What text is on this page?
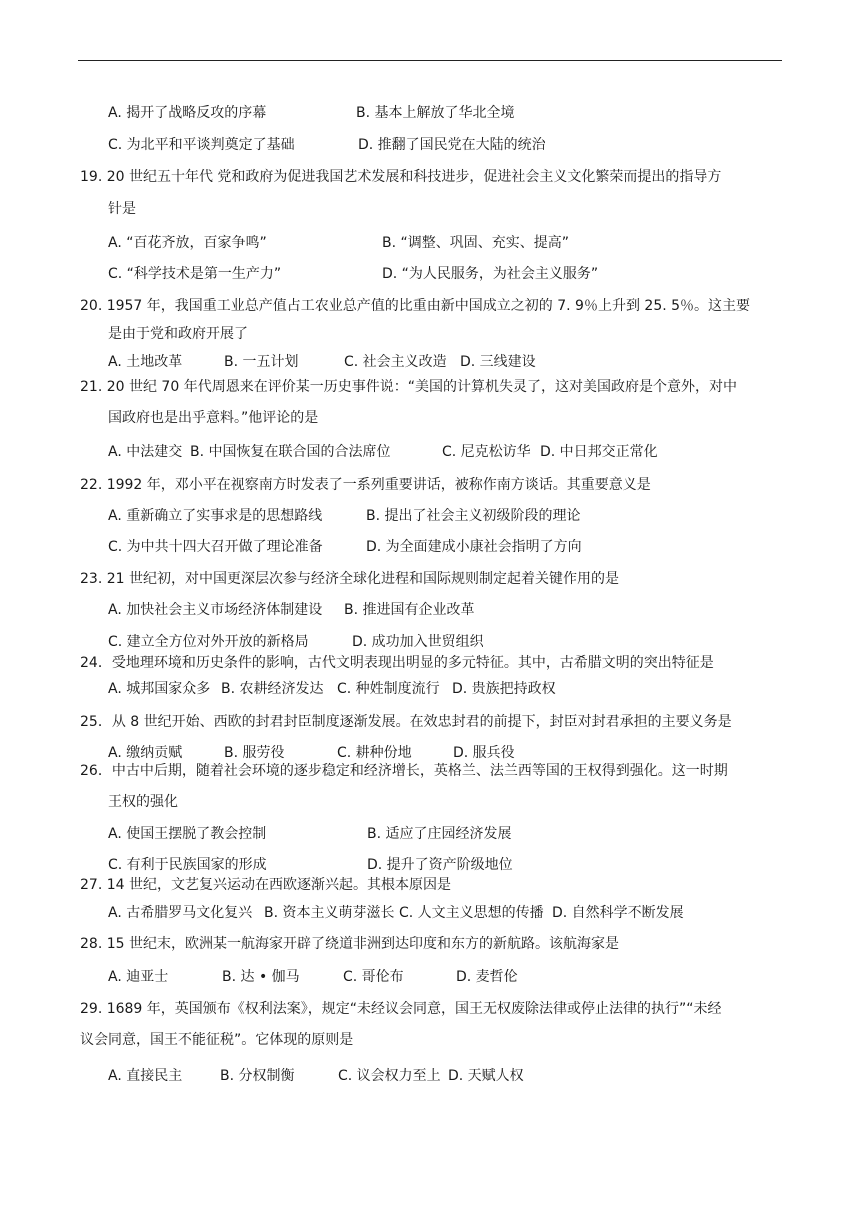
A. 揭开了战略反攻的序幕	B. 基本上解放了华北全境
C. 为北平和平谈判奠定了基础	D. 推翻了国民党在大陆的统治
19. 20 世纪五十年代 党和政府为促进我国艺术发展和科技进步，促进社会主义文化繁荣而提出的指导方
针是
A. “百花齐放，百家争鸣”	B. “调整、巩固、充实、提高”
C. “科学技术是第一生产力”	D. “为人民服务，为社会主义服务”
20. 1957 年，我国重工业总产值占工农业总产值的比重由新中国成立之初的 7. 9％上升到 25. 5％。这主要
是由于党和政府开展了
A. 土地改革	B. 一五计划	C. 社会主义改造 D. 三线建设
21. 20 世纪 70 年代周恩来在评价某一历史事件说：“美国的计算机失灵了，这对美国政府是个意外，对中
国政府也是出乎意料。”他评论的是
A. 中法建交 B. 中国恢复在联合国的合法席位	C. 尼克松访华 D. 中日邦交正常化
22. 1992 年，邓小平在视察南方时发表了一系列重要讲话，被称作南方谈话。其重要意义是
A. 重新确立了实事求是的思想路线	B. 提出了社会主义初级阶段的理论
C. 为中共十四大召开做了理论准备	D. 为全面建成小康社会指明了方向
23. 21 世纪初，对中国更深层次参与经济全球化进程和国际规则制定起着关键作用的是
A. 加快社会主义市场经济体制建设 B. 推进国有企业改革
C. 建立全方位对外开放的新格局	D. 成功加入世贸组织
24．受地理环境和历史条件的影响，古代文明表现出明显的多元特征。其中，古希腊文明的突出特征是
A. 城邦国家众多 B. 农耕经济发达 C. 种姓制度流行 D. 贵族把持政权
25．从 8 世纪开始、西欧的封君封臣制度逐渐发展。在效忠封君的前提下，封臣对封君承担的主要义务是
A. 缴纳贡赋	B. 服劳役	C. 耕种份地	D. 服兵役
26．中古中后期，随着社会环境的逐步稳定和经济增长，英格兰、法兰西等国的王权得到强化。这一时期
王权的强化
A. 使国王摆脱了教会控制	B. 适应了庄园经济发展
C. 有利于民族国家的形成	D. 提升了资产阶级地位
27. 14 世纪，文艺复兴运动在西欧逐渐兴起。其根本原因是
A. 古希腊罗马文化复兴 B. 资本主义萌芽滋长 C. 人文主义思想的传播 D. 自然科学不断发展
28. 15 世纪末，欧洲某一航海家开辟了绕道非洲到达印度和东方的新航路。该航海家是
A. 迪亚士	B. 达 • 伽马	C. 哥伦布	D. 麦哲伦
29. 1689 年，英国颁布《权利法案》，规定“未经议会同意，国王无权废除法律或停止法律的执行”“未经
议会同意，国王不能征税”。它体现的原则是
A. 直接民主	B. 分权制衡	C. 议会权力至上 D. 天赋人权
